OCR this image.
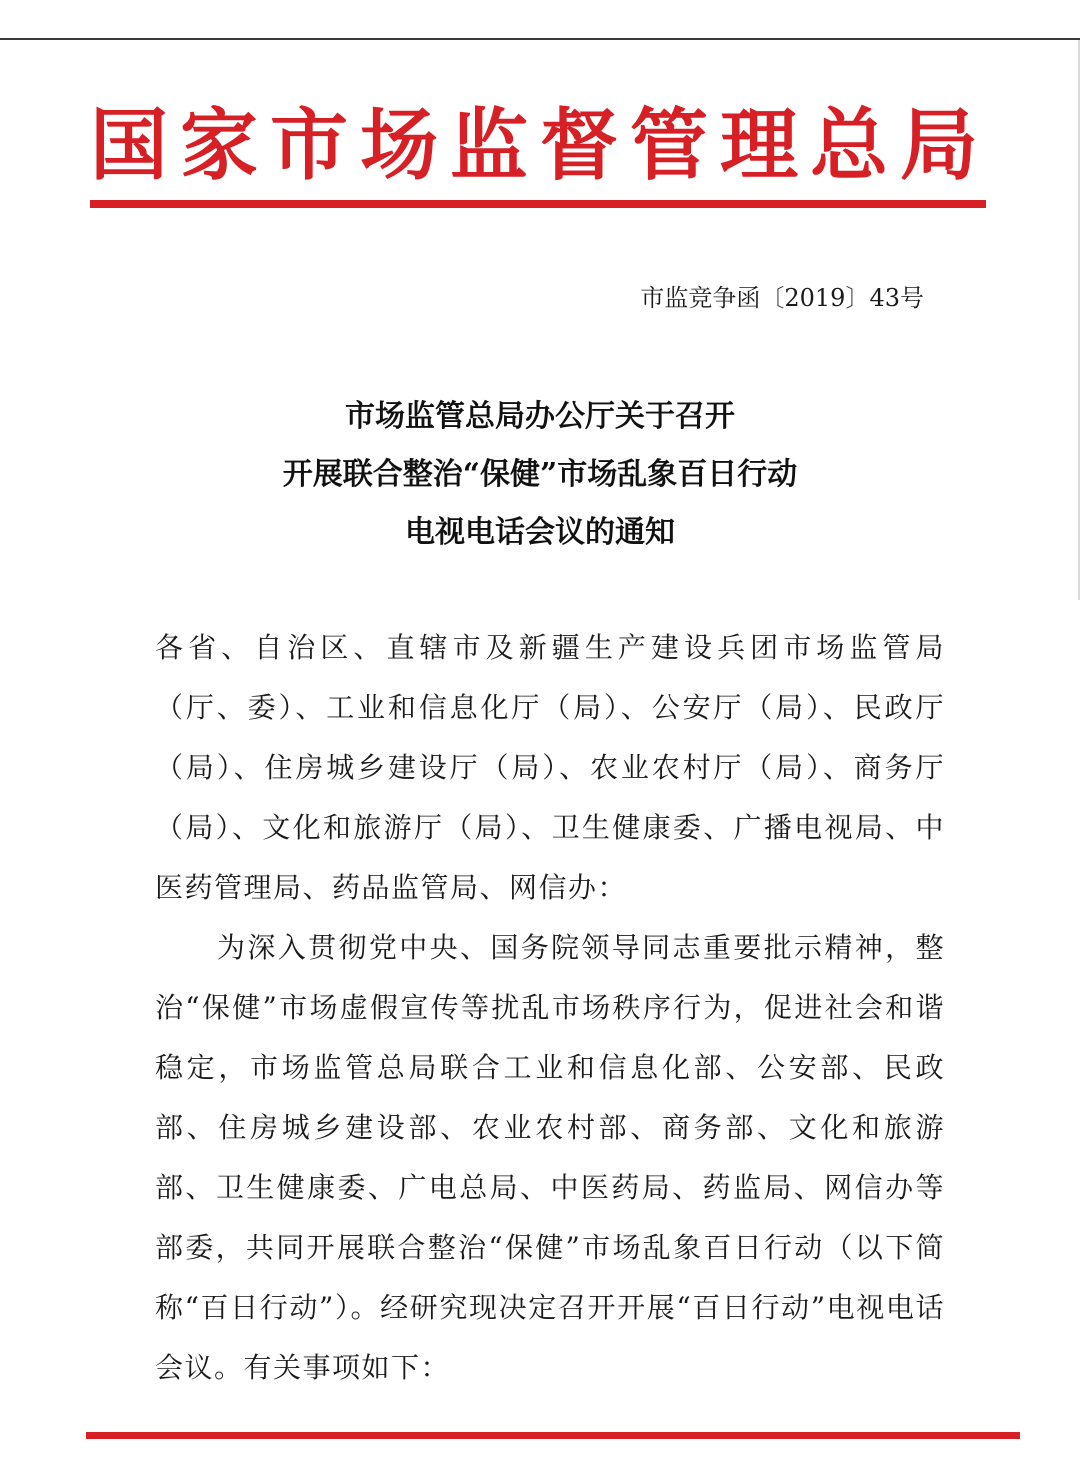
国家市场监督管理总局
市监竞争函〔2019〕43号
市场监管总局办公厅关于召开
开展联合整治“保健”市场乱象百日行动
电视电话会议的通知

各省、自治区、直辖市及新疆生产建设兵团市场监管局（厅、委）、工业和信息化厅（局）、公安厅（局）、民政厅（局）、住房城乡建设厅（局）、农业农村厅（局）、商务厅（局）、文化和旅游厅（局）、卫生健康委、广播电视局、中医药管理局、药品监管局、网信办：

为深入贯彻党中央、国务院领导同志重要批示精神，整治“保健”市场虚假宣传等扰乱市场秩序行为，促进社会和谐稳定，市场监管总局联合工业和信息化部、公安部、民政部、住房城乡建设部、农业农村部、商务部、文化和旅游部、卫生健康委、广电总局、中医药局、药监局、网信办等部委，共同开展联合整治“保健”市场乱象百日行动（以下简称“百日行动”）。经研究现决定召开开展“百日行动”电视电话会议。有关事项如下：
